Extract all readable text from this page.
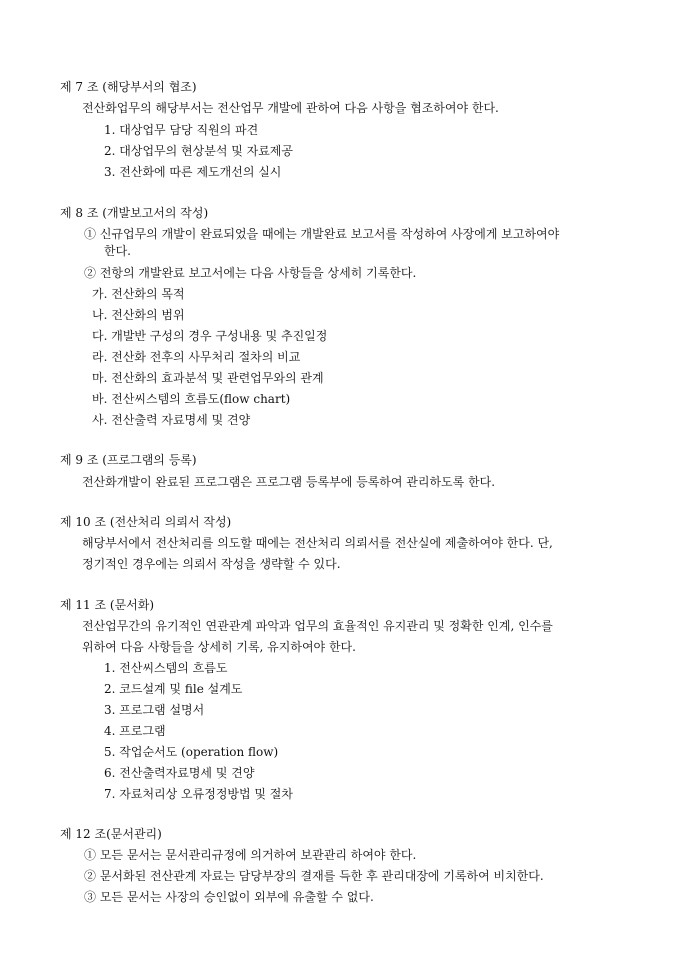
제 7 조 (해당부서의 협조)
전산화업무의 해당부서는 전산업무 개발에 관하여 다음 사항을 협조하여야 한다.
1. 대상업무 담당 직원의 파견
2. 대상업무의 현상분석 및 자료제공
3. 전산화에 따른 제도개선의 실시
제 8 조 (개발보고서의 작성)
① 신규업무의 개발이 완료되었을 때에는 개발완료 보고서를 작성하여 사장에게 보고하여야
한다.
② 전항의 개발완료 보고서에는 다음 사항들을 상세히 기록한다.
가. 전산화의 목적
나. 전산화의 범위
다. 개발반 구성의 경우 구성내용 및 추진일정
라. 전산화 전후의 사무처리 절차의 비교
마. 전산화의 효과분석 및 관련업무와의 관계
바. 전산씨스템의 흐름도(flow chart)
사. 전산출력 자료명세 및 견양
제 9 조 (프로그램의 등록)
전산화개발이 완료된 프로그램은 프로그램 등록부에 등록하여 관리하도록 한다.
제 10 조 (전산처리 의뢰서 작성)
해당부서에서 전산처리를 의도할 때에는 전산처리 의뢰서를 전산실에 제출하여야 한다. 단,
정기적인 경우에는 의뢰서 작성을 생략할 수 있다.
제 11 조 (문서화)
전산업무간의 유기적인 연관관계 파악과 업무의 효율적인 유지관리 및 정확한 인계, 인수를
위하여 다음 사항들을 상세히 기록, 유지하여야 한다.
1. 전산씨스템의 흐름도
2. 코드설계 및 file 설계도
3. 프로그램 설명서
4. 프로그램
5. 작업순서도 (operation flow)
6. 전산출력자료명세 및 견양
7. 자료처리상 오류정정방법 및 절차
제 12 조(문서관리)
① 모든 문서는 문서관리규정에 의거하여 보관관리 하여야 한다.
② 문서화된 전산관계 자료는 담당부장의 결재를 득한 후 관리대장에 기록하여 비치한다.
③ 모든 문서는 사장의 승인없이 외부에 유출할 수 없다.
